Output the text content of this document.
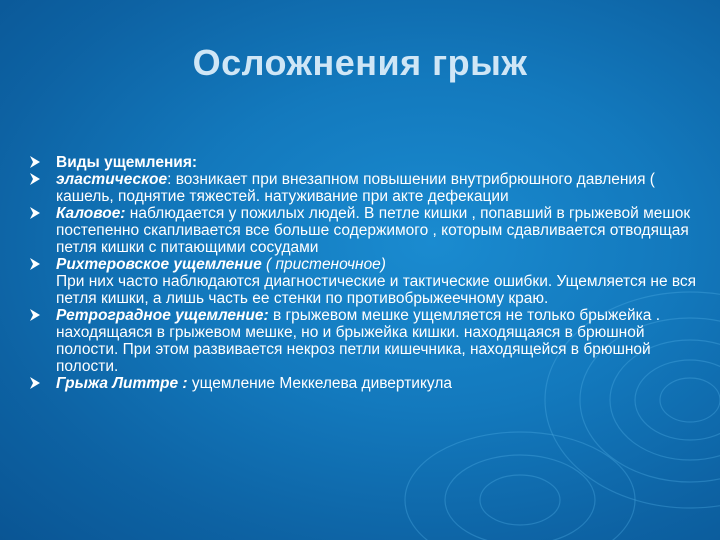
Осложнения грыж
Виды ущемления:
эластическое: возникает при внезапном повышении внутрибрюшного давления ( кашель, поднятие тяжестей. натуживание при акте дефекации
Каловое: наблюдается у пожилых людей. В петле кишки , попавший в грыжевой мешок постепенно скапливается все больше содержимого , которым сдавливается отводящая петля кишки с питающими сосудами
Рихтеровское ущемление ( пристеночное)
При них часто наблюдаются диагностические и тактические ошибки. Ущемляется не вся петля кишки, а лишь часть ее стенки по противобрыжеечному краю.
Ретроградное ущемление: в грыжевом мешке ущемляется не только брыжейка . находящаяся в грыжевом мешке, но и брыжейка кишки. находящаяся в брюшной полости. При этом развивается некроз петли кишечника, находящейся в брюшной полости.
Грыжа Литтре : ущемление Меккелева дивертикула
